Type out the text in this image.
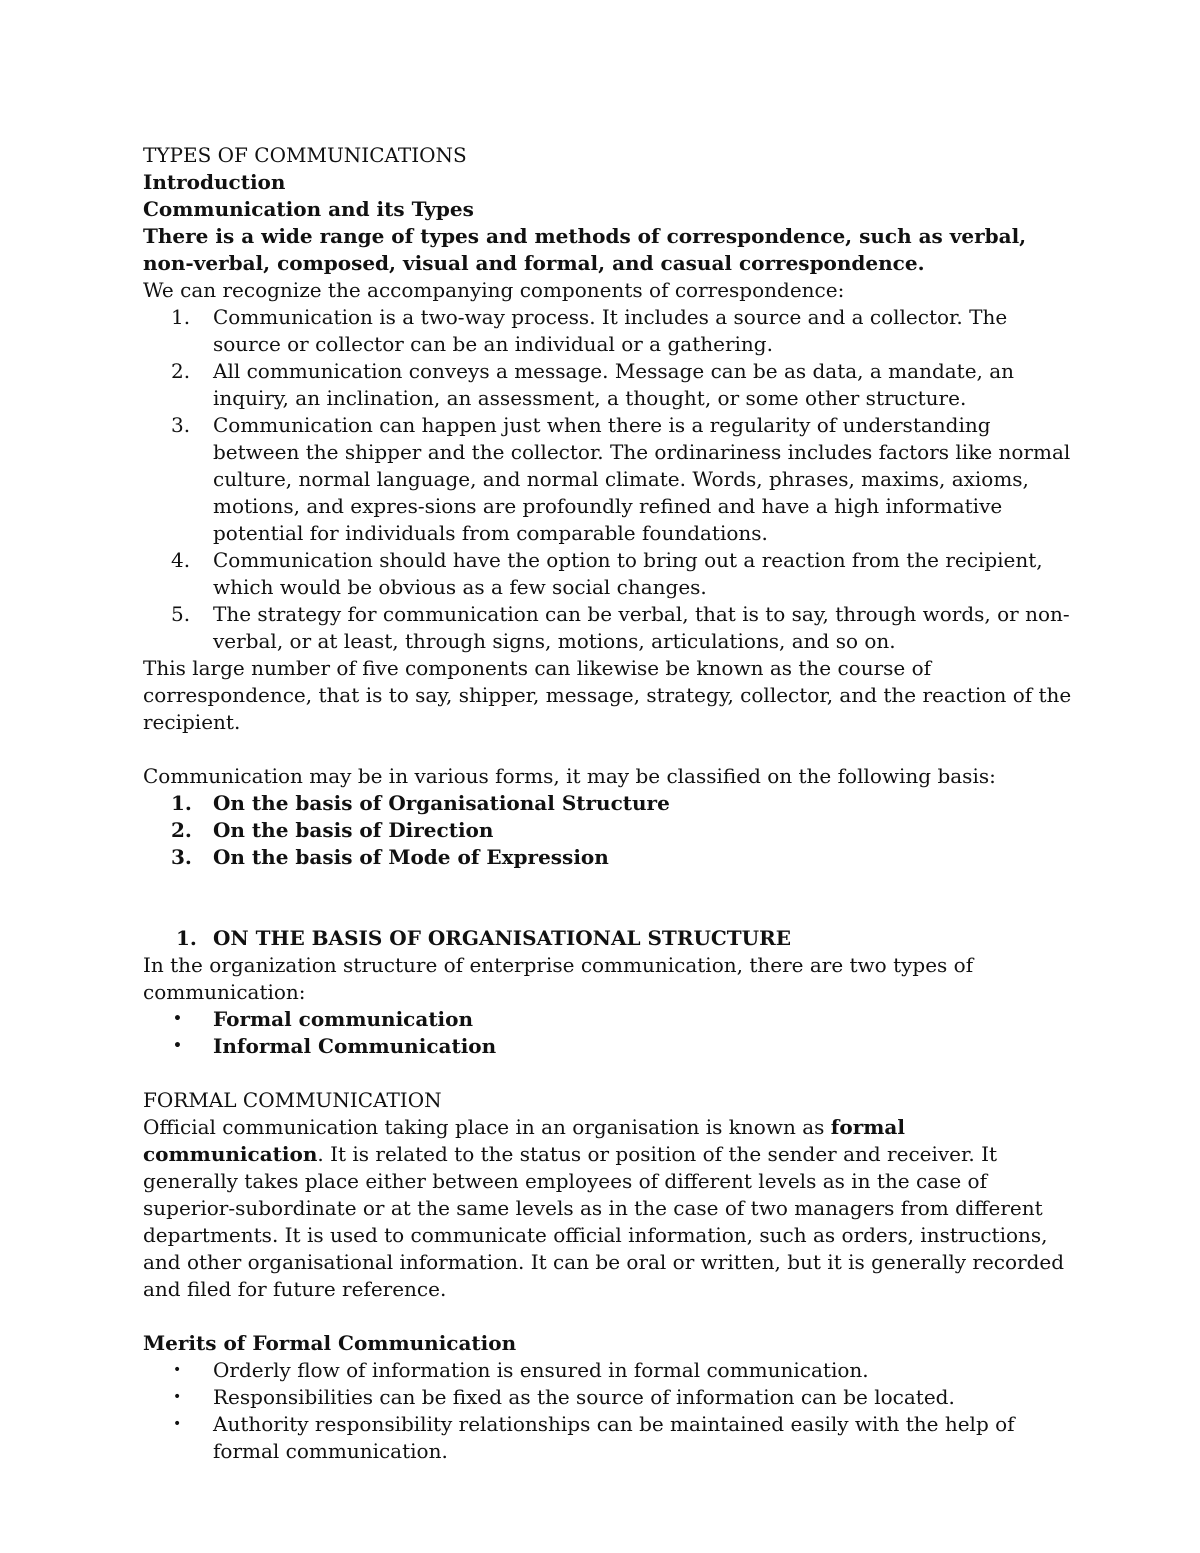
TYPES OF COMMUNICATIONS

Introduction

Communication and its Types

There is a wide range of types and methods of correspondence, such as verbal, non-verbal, composed, visual and formal, and casual correspondence.

We can recognize the accompanying components of correspondence:

1.	Communication is a two-way process. It includes a source and a collector. The source or collector can be an individual or a gathering.
2.	All communication conveys a message. Message can be as data, a mandate, an inquiry, an inclination, an assessment, a thought, or some other structure.
3.	Communication can happen just when there is a regularity of understanding between the shipper and the collector. The ordinariness includes factors like normal culture, normal language, and normal climate. Words, phrases, maxims, axioms, motions, and expres-sions are profoundly refined and have a high informative potential for individuals from comparable foundations.
4.	Communication should have the option to bring out a reaction from the recipient, which would be obvious as a few social changes.
5.	The strategy for communication can be verbal, that is to say, through words, or non-verbal, or at least, through signs, motions, articulations, and so on.

This large number of five components can likewise be known as the course of correspondence, that is to say, shipper, message, strategy, collector, and the reaction of the recipient.

Communication may be in various forms, it may be classified on the following basis:

1.	On the basis of Organisational Structure
2.	On the basis of Direction
3.	On the basis of Mode of Expression

1. ON THE BASIS OF ORGANISATIONAL STRUCTURE

In the organization structure of enterprise communication, there are two types of communication:

•	Formal communication
•	Informal Communication

FORMAL COMMUNICATION

Official communication taking place in an organisation is known as formal communication. It is related to the status or position of the sender and receiver. It generally takes place either between employees of different levels as in the case of superior-subordinate or at the same levels as in the case of two managers from different departments. It is used to communicate official information, such as orders, instructions, and other organisational information. It can be oral or written, but it is generally recorded and filed for future reference.

Merits of Formal Communication

•	Orderly flow of information is ensured in formal communication.
•	Responsibilities can be fixed as the source of information can be located.
•	Authority responsibility relationships can be maintained easily with the help of formal communication.
